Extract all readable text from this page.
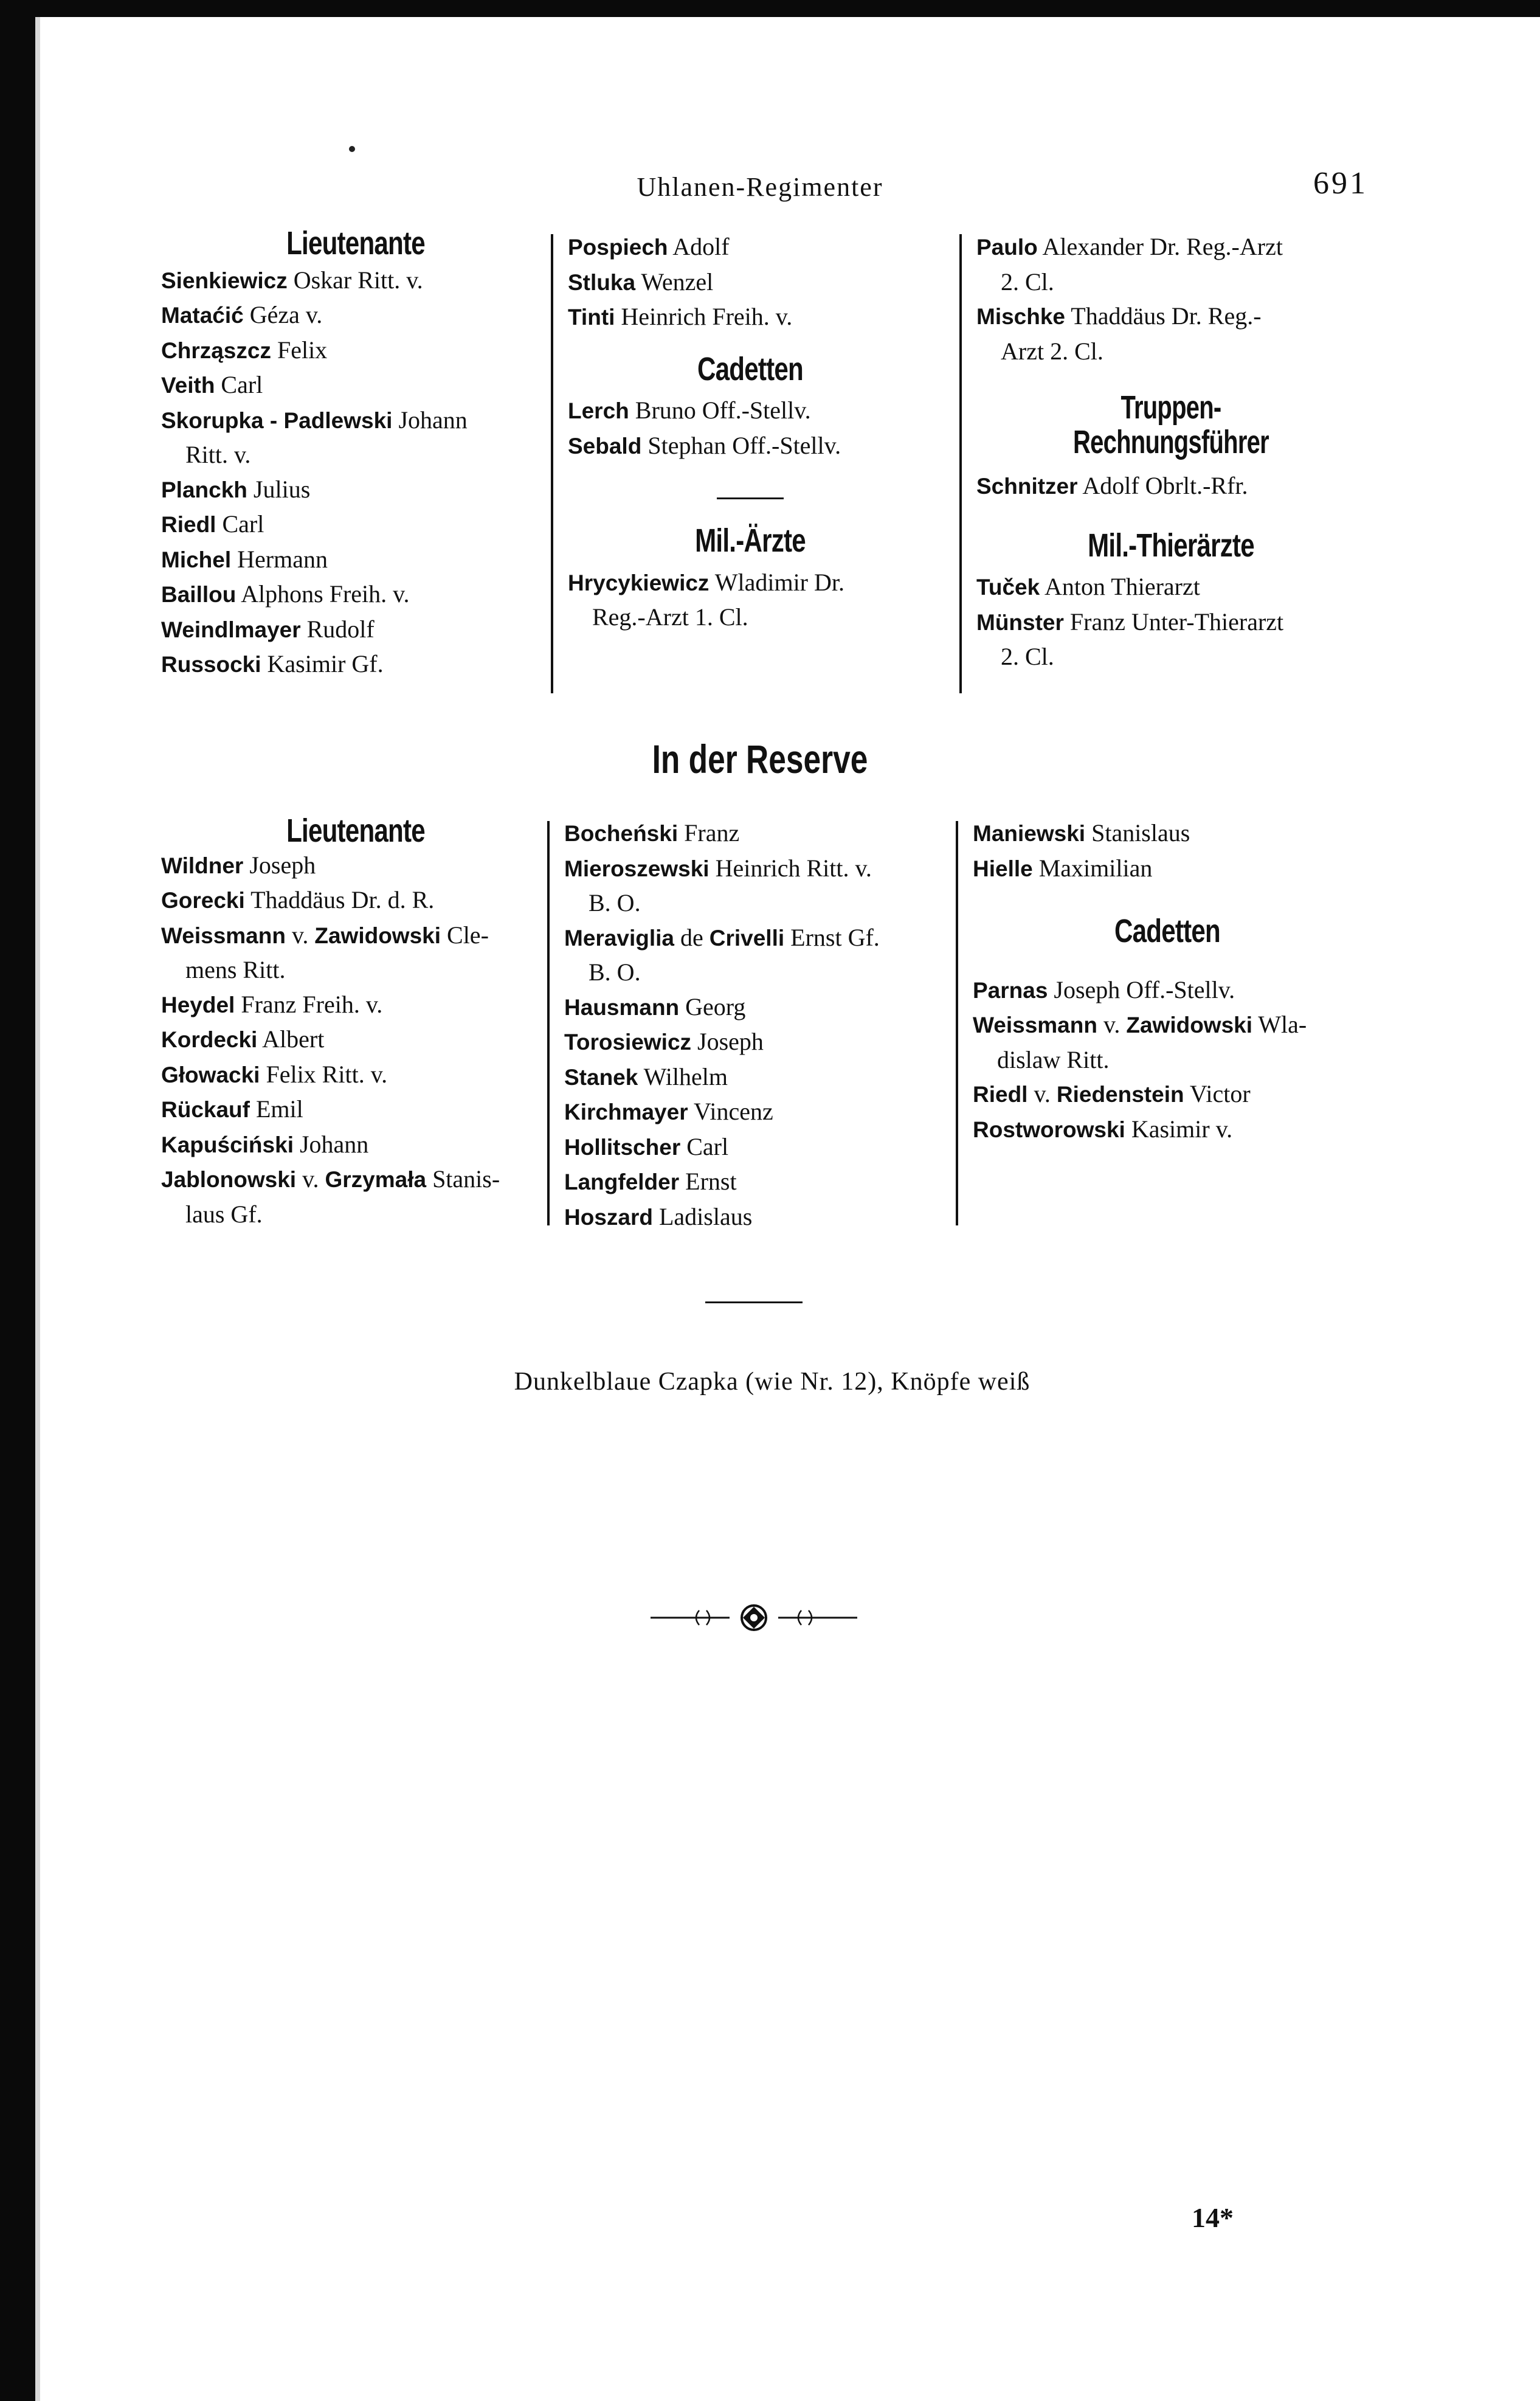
Uhlanen-Regimenter	691
Lieutenante
Sienkiewicz Oskar Ritt. v.
Mataćić Géza v.
Chrząszcz Felix
Veith Carl
Skorupka - Padlewski Johann
Ritt. v.
Planckh Julius
Riedl Carl
Michel Hermann
Baillou Alphons Freih. v.
Weindlmayer Rudolf
Russocki Kasimir Gf.
Pospiech Adolf
Stluka Wenzel
Tinti Heinrich Freih. v.
Cadetten
Lerch Bruno Off.-Stellv.
Sebald Stephan Off.-Stellv.
Mil.-Ärzte
Hrycykiewicz Wladimir Dr.
Reg.-Arzt 1. Cl.
Paulo Alexander Dr. Reg.-Arzt
2. Cl.
Mischke Thaddäus Dr. Reg.-
Arzt 2. Cl.
Truppen-Rechnungsführer
Schnitzer Adolf Obrlt.-Rfr.
Mil.-Thierärzte
Tuček Anton Thierarzt
Münster Franz Unter-Thierarzt
2. Cl.
In der Reserve
Lieutenante
Wildner Joseph
Gorecki Thaddäus Dr. d. R.
Weissmann v. Zawidowski Cle-
mens Ritt.
Heydel Franz Freih. v.
Kordecki Albert
Głowacki Felix Ritt. v.
Rückauf Emil
Kapuściński Johann
Jablonowski v. Grzymała Stanis-
laus Gf.
Bocheński Franz
Mieroszewski Heinrich Ritt. v.
B. O.
Meraviglia de Crivelli Ernst Gf.
B. O.
Hausmann Georg
Torosiewicz Joseph
Stanek Wilhelm
Kirchmayer Vincenz
Hollitscher Carl
Langfelder Ernst
Hoszard Ladislaus
Maniewski Stanislaus
Hielle Maximilian
Cadetten
Parnas Joseph Off.-Stellv.
Weissmann v. Zawidowski Wla-
dislaw Ritt.
Riedl v. Riedenstein Victor
Rostworowski Kasimir v.
Dunkelblaue Czapka (wie Nr. 12), Knöpfe weiß
14*
